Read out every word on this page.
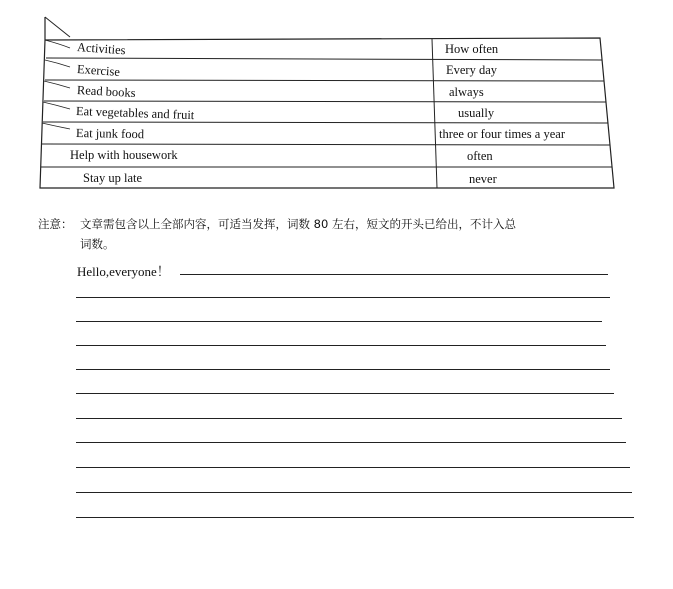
Activities	How often
Exercise	Every day
Read books	always
Eat vegetables and fruit	usually
Eat junk food	three or four times a year
Help with housework	often
Stay up late	never
注意： 文章需包含以上全部内容，可适当发挥，词数 80 左右，短文的开头已给出，不计入总
词数。
Hello,everyone！
